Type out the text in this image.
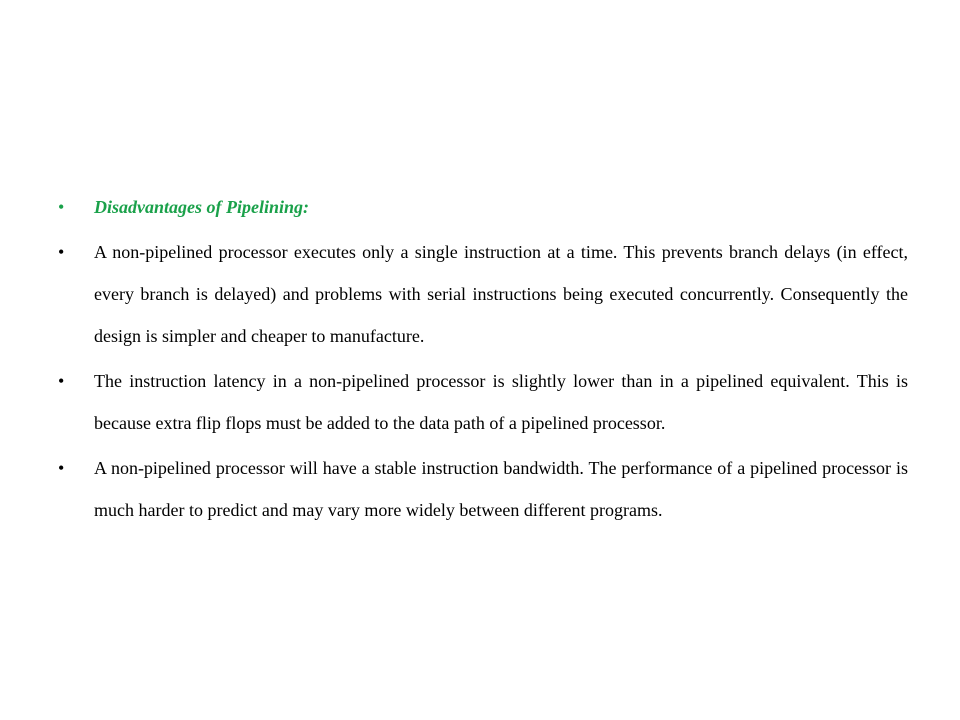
•	Disadvantages of Pipelining:
•	A non-pipelined processor executes only a single instruction at a time. This prevents branch delays (in effect, every branch is delayed) and problems with serial instructions being executed concurrently. Consequently the design is simpler and cheaper to manufacture.
•	The instruction latency in a non-pipelined processor is slightly lower than in a pipelined equivalent. This is because extra flip flops must be added to the data path of a pipelined processor.
•	A non-pipelined processor will have a stable instruction bandwidth. The performance of a pipelined processor is much harder to predict and may vary more widely between different programs.
